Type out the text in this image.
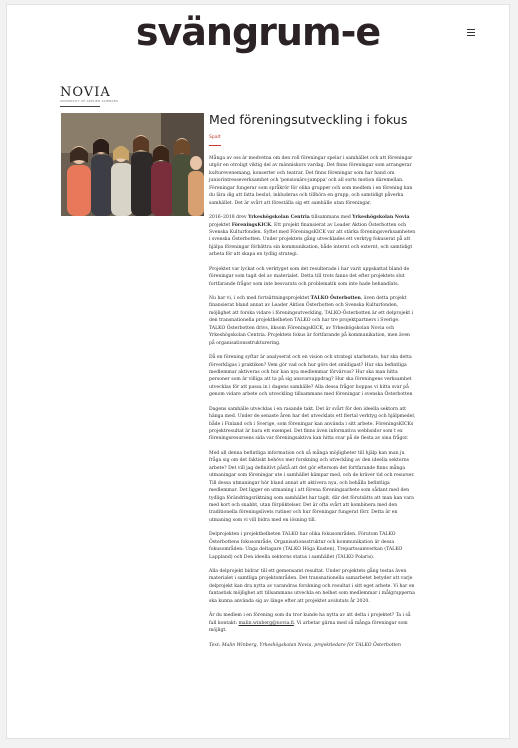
svängrum-e
NOVIA
UNIVERSITY OF APPLIED SCIENCES
Med föreningsutveckling i fokus
Spalt

Många av oss är medvetna om den roll föreningar spelar i samhället och att föreningar utgör en otroligt viktig del av människors vardag. Det finns föreningar som arrangerar kulturevenemang, konserter och teatrar. Det finns föreningar som har hand om juniorintresseverksamhet och 'pensionärs-jumppa' och all sorts motion däremellan. Föreningar fungerar som språkrör för olika grupper och som medlem i en förening kan du lära dig att fatta beslut, inkluderas och tillhöra en grupp, och samtidigt påverka samhället. Det är svårt att föreställa sig ett samhälle utan föreningar.

2016–2018 drev Yrkeshögskolan Centria tillsammans med Yrkeshögskolan Novia projektet FöreningsKICK. Ett projekt finansierat av Leader Aktion Österbotten och Svenska Kulturfonden. Syftet med FöreningsKICK var att stärka föreningsverksamheten i svenska Österbotten. Under projektets gång utvecklades ett verktyg fokuserat på att hjälpa föreningar förbättra sin kommunikation, både internt och externt, och samtidigt arbeta för att skapa en tydlig strategi.

Projektet var lyckat och verktyget som det resulterade i har varit uppskattat bland de föreningar som tagit del av materialet. Detta till trots fanns det efter projektets slut fortfarande frågor som inte besvarats och problematik som inte hade behandlats.

Nu har vi, i och med fortsättningsprojektet TALKO Österbotten, även detta projekt finansierat bland annat av Leader Aktion Österbotten och Svenska Kulturfonden, möjlighet att forska vidare i föreningsutveckling. TALKO-Österbotten är ett delprojekt i den transnationella projekthelheten TALKO och har tre projektpartners i Sverige. TALKO Österbotten drivs, liksom FöreningsKICK, av Yrkeshögskolan Novia och Yrkeshögskolan Centria. Projektets fokus är fortfarande på kommunikation, men även på organisationsstrukturering.

Då en förening syftar är analyserat och en vision och strategi utarbetats, hur ska detta förverkligas i praktiken? Vem gör vad och hur görs det smidigast? Hur ska befintliga medlemmar aktiveras och hur kan nya medlemmar förvärvas? Hur ska man hitta personer som är villiga att ta på sig ansvarsuppdrag? Hur ska föreningens verksamhet utvecklas för att passa in i dagens samhälle? Alla dessa frågor hoppas vi hitta svar på genom vidare arbete och utveckling tillsammans med föreningar i svenska Österbotten

Dagens samhälle utvecklas i en rasande takt. Det är svårt för den ideella sektorn att hänga med. Under de senaste åren har det utvecklats ett flertal verktyg och hjälpmedel, både i Finland och i Sverige, som föreningar kan använda i sitt arbete. FöreningsKICKs projektresultat är bara ett exempel. Det finns även informativa webbsidor som t ex föreningsresursens sida var föreningsaktiva kan hitta svar på de flesta av sina frågor.

Med all denna befintliga information och så många möjligheter till hjälp kan man ju fråga sig om det faktiskt behövs mer forskning och utveckling av den ideella sektorns arbete? Det vill jag definitivt påstå att det gör eftersom det fortfarande finns många utmaningar som föreningar ute i samhället kämpar med, och de kräver tid och resurser. Till dessa utmaningar hör bland annat att aktivera nya, och behålla befintliga medlemmar. Det ligger en utmaning i att förena föreningsarbete som sådant med den tydliga förändringsriktning som samhället har tagit, där det förutsätts att man kan vara med kort och snabbt, utan förpliktelser. Det är ofta svårt att kombinera med den traditionella föreningslivets rutiner och hur föreningar fungerat förr. Detta är en utmaning som vi vill bidra med en lösning till.

Delprojekten i projekthelheten TALKO har olika fokusområden. Förutom TALKO Österbottens fokusområde, Organisationsstruktur och kommunikation är dessa fokusområden: Unga deltagare (TALKO Höga Kusten), Trepartssamverkan (TALKO Lappland) och Den ideella sektorns status i samhället (TALKO Polaris).

Alla delprojekt bidrar till ett gemensamt resultat. Under projektets gång testas även materialet i samtliga projektområden. Det transnationella samarbetet betyder att varje delprojekt kan dra nytta av varandras forskning och resultat i sitt eget arbete. Vi har en fantastisk möjlighet att tillsammans utveckla en helhet som medlemmar i målgrupperna ska kunna använda sig av länge efter att projektet avslutats år 2020.

Är du medlem i en förening som du tror kunde ha nytta av att delta i projektet? Ta i så fall kontakt: malin.winberg@novia.fi. Vi arbetar gärna med så många föreningar som möjligt.

Text: Malin Winberg, Yrkeshögskolan Novia, projektledare för TALKO Österbotten
